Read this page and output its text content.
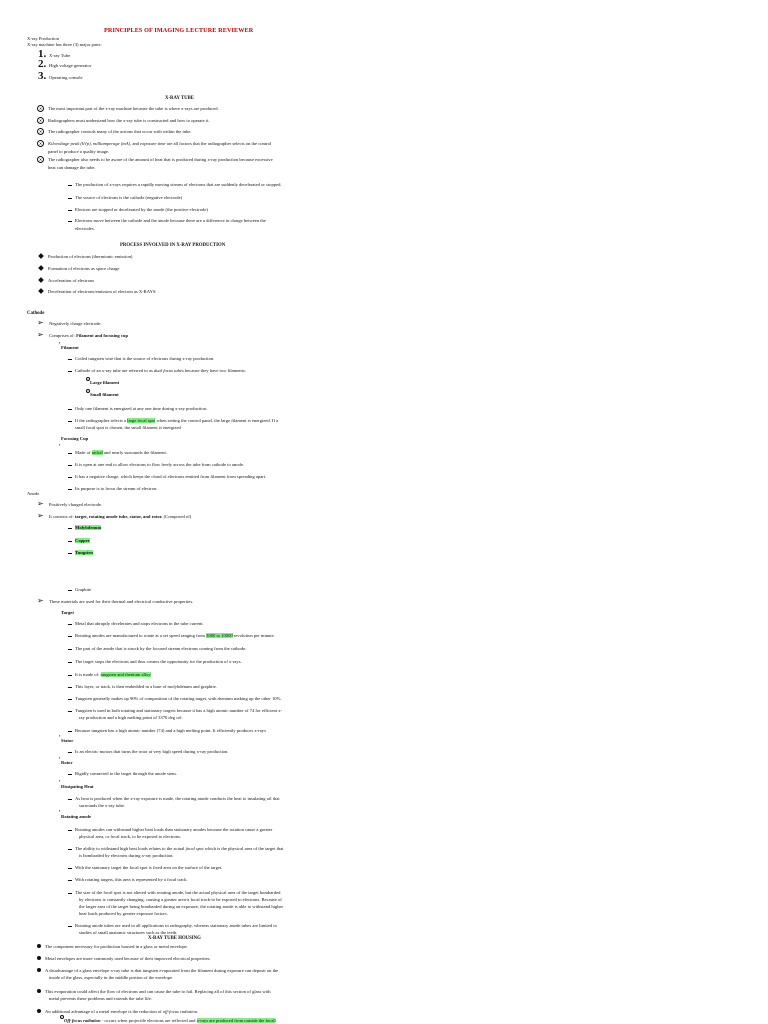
PRINCIPLES OF IMAGING LECTURE REVIEWER
X-ray Production
X-ray machine has three (3) major parts:
1. X-ray Tube
2. High voltage generator
3. Operating console
X-RAY TUBE
✕	The most important part of the x-ray machine because the tube is where x-rays are produced.
✕	Radiographers must understand how the x-ray tube is constructed and how to operate it.
✕	The radiographer controls many of the actions that occur with within the tube.
✕	Kilovoltage peak (kVp), milliamperage (mA), and exposure time are all factors that the radiographer selects on the control
panel to produce a quality image.
✕	The radiographer also needs to be aware of the amount of heat that is produced during x-ray production because excessive
heat can damage the tube.
The production of x-rays requires a rapidly moving stream of electrons that are suddenly decelerated or stopped.
The source of electrons is the cathode (negative electrode)
Electron are stopped or decelerated by the anode (the positive electrode)
Electrons move between the cathode and the anode because there are a difference in charge between the
electrodes.
PROCESS INVOLVED IN X-RAY PRODUCTION
Production of electrons (thermionic emission)
Formation of electrons as space charge
Acceleration of electrons
Deceleration of electrons/emission of electron as X-RAYS
Cathode
➢ Negatively charge electrode.
➢ Comprises of: Filament and focusing cup
▪
Filament
Coiled tungsten wire that is the source of electrons during x-ray production.
Cathode of an x-ray tube are referred to as dual focus tubes because they have two filaments:
Large filament
Small filament
Only one filament is energized at any one time during x-ray production.
If the radiographer selects a large focal spot when setting the control panel, the large filament is energized. If a
small focal spot is chosen, the small filament is energized
Focusing Cup
▪
Made of nickel and nearly surrounds the filament.
It is open at one end to allow electrons to flow freely across the tube from cathode to anode.
It has a negative charge, which keeps the cloud of electrons emitted from filament from spreading apart.
Its purpose is to focus the stream of electron.
Anode
➢ Positively charged electrode.
➢ It consists of: target, rotating anode tube, stator, and rotor. (Composed of)
Molybdenum
Copper
Tungsten
Graphite
➢ These materials are used for their thermal and electrical conductive properties.
Target
Metal that abruptly decelerates and stops electrons in the tube current.
Rotating anodes are manufactured to rotate at a set speed ranging from 3000 to 10000 revolution per minute.
The part of the anode that is struck by the focused stream electrons coming from the cathode.
The target stops the electrons and thus creates the opportunity for the production of x-rays.
It is made of: tungsten and rhenium alloy
This layer, or track, is then embedded in a base of molybdenum and graphite.
Tungsten generally makes up 90% of composition of the rotating target, with rhenium making up the other 10%.
Tungsten is used in both rotating and stationary targets because it has a high atomic number of 74 for efficient x-
ray production and a high melting point of 3370 deg cel.
Because tungsten has a high atomic number (74) and a high melting point. It efficiently produces x-rays
▪
Stator
Is an electric motors that turns the rotor at very high speed during x-ray production.
▪
Rotor
Rigidly connected to the target through the anode stem.
▪
Dissipating Heat
As heat is produced when the x-ray exposure is made, the rotating anode conducts the heat to insulating oil that
surrounds the x-ray tube.
▪
Rotating anode
Rotating anodes can withstand higher heat loads than stationary anodes because the rotation cause a greater
physical area, or focal track, to be exposed to electrons.
The ability to withstand high heat loads relates to the actual focal spot which is the physical area of the target that
is bombarded by electrons during x-ray production.
With the stationary target the focal spot is fixed area on the surface of the target.
With rotating targets, this area is represented by a focal track.
The size of the focal spot is not altered with rotating anode, but the actual physical area of the target bombarded
by electrons is constantly changing, causing a greater area-a focal track-to be exposed to electrons. Because of
the larger area of the target being bombarded during an exposure, the rotating anode is able to withstand higher
heat loads produced by greater exposure factors.
Rotating anode tubes are used in all applications in radiography, whereas stationary anode tubes are limited to
studies of small anatomic structures such as the teeth.
X-RAY TUBE HOUSING
The component necessary for production housed in a glass or metal envelope.
Metal envelopes are more commonly used because of their improved electrical properties.
A disadvantage of a glass envelope x-ray tube is that tungsten evaporated from the filament during exposure can deposit on the
inside of the glass, especially in the middle portion of the envelope.
This evaporation could affect the flow of electrons and can cause the tube to fail. Replacing all of this section of glass with
metal prevents these problems and extends the tube life.
An additional advantage of a metal envelope is the reduction of off-focus radiation.
Off-focus radiation - occurs when projectile electrons are reflected and x-rays are produced from outside the focall
